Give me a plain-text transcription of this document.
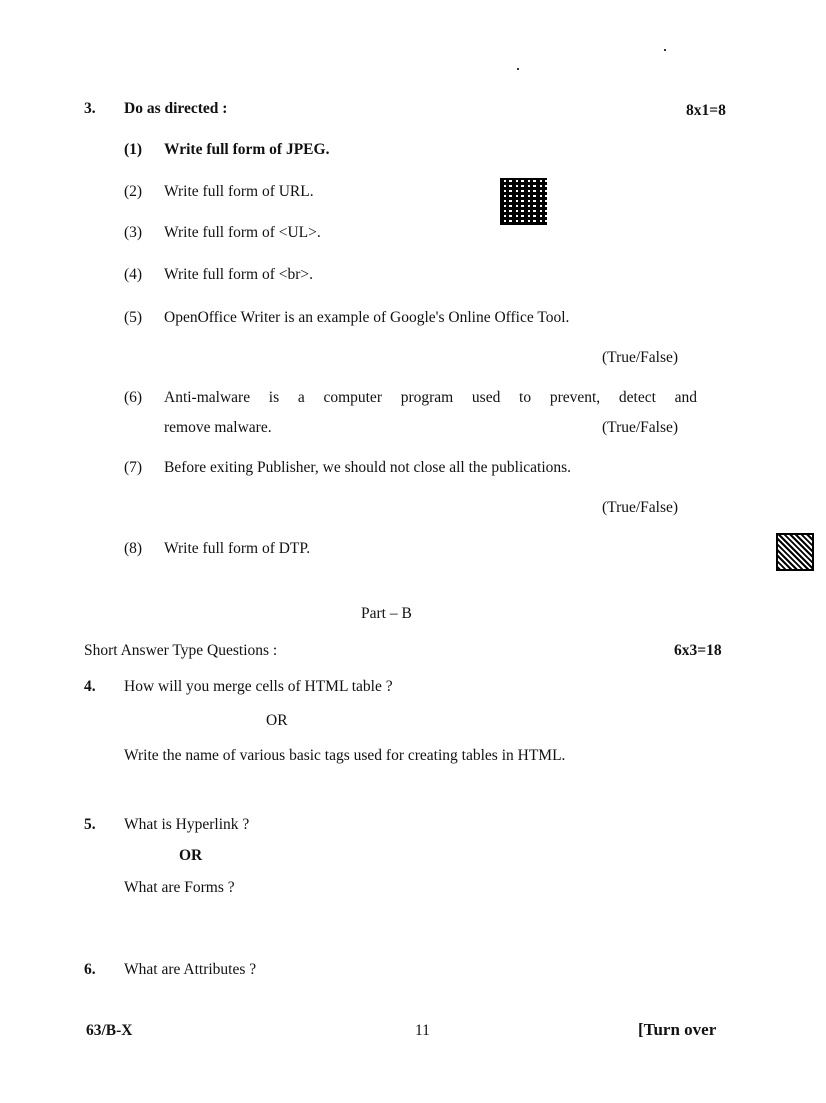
3. Do as directed :	8x1=8
(1) Write full form of JPEG.
(2) Write full form of URL.
(3) Write full form of <UL>.
(4) Write full form of <br>.
(5) OpenOffice Writer is an example of Google's Online Office Tool.
(True/False)
(6) Anti-malware is a computer program used to prevent, detect and
remove malware.	(True/False)
(7) Before exiting Publisher, we should not close all the publications.
(True/False)
(8) Write full form of DTP.
Part – B
Short Answer Type Questions :	6x3=18
4. How will you merge cells of HTML table ?
OR
Write the name of various basic tags used for creating tables in HTML.
5. What is Hyperlink ?
OR
What are Forms ?
6. What are Attributes ?
63/B-X	11	[Turn over
